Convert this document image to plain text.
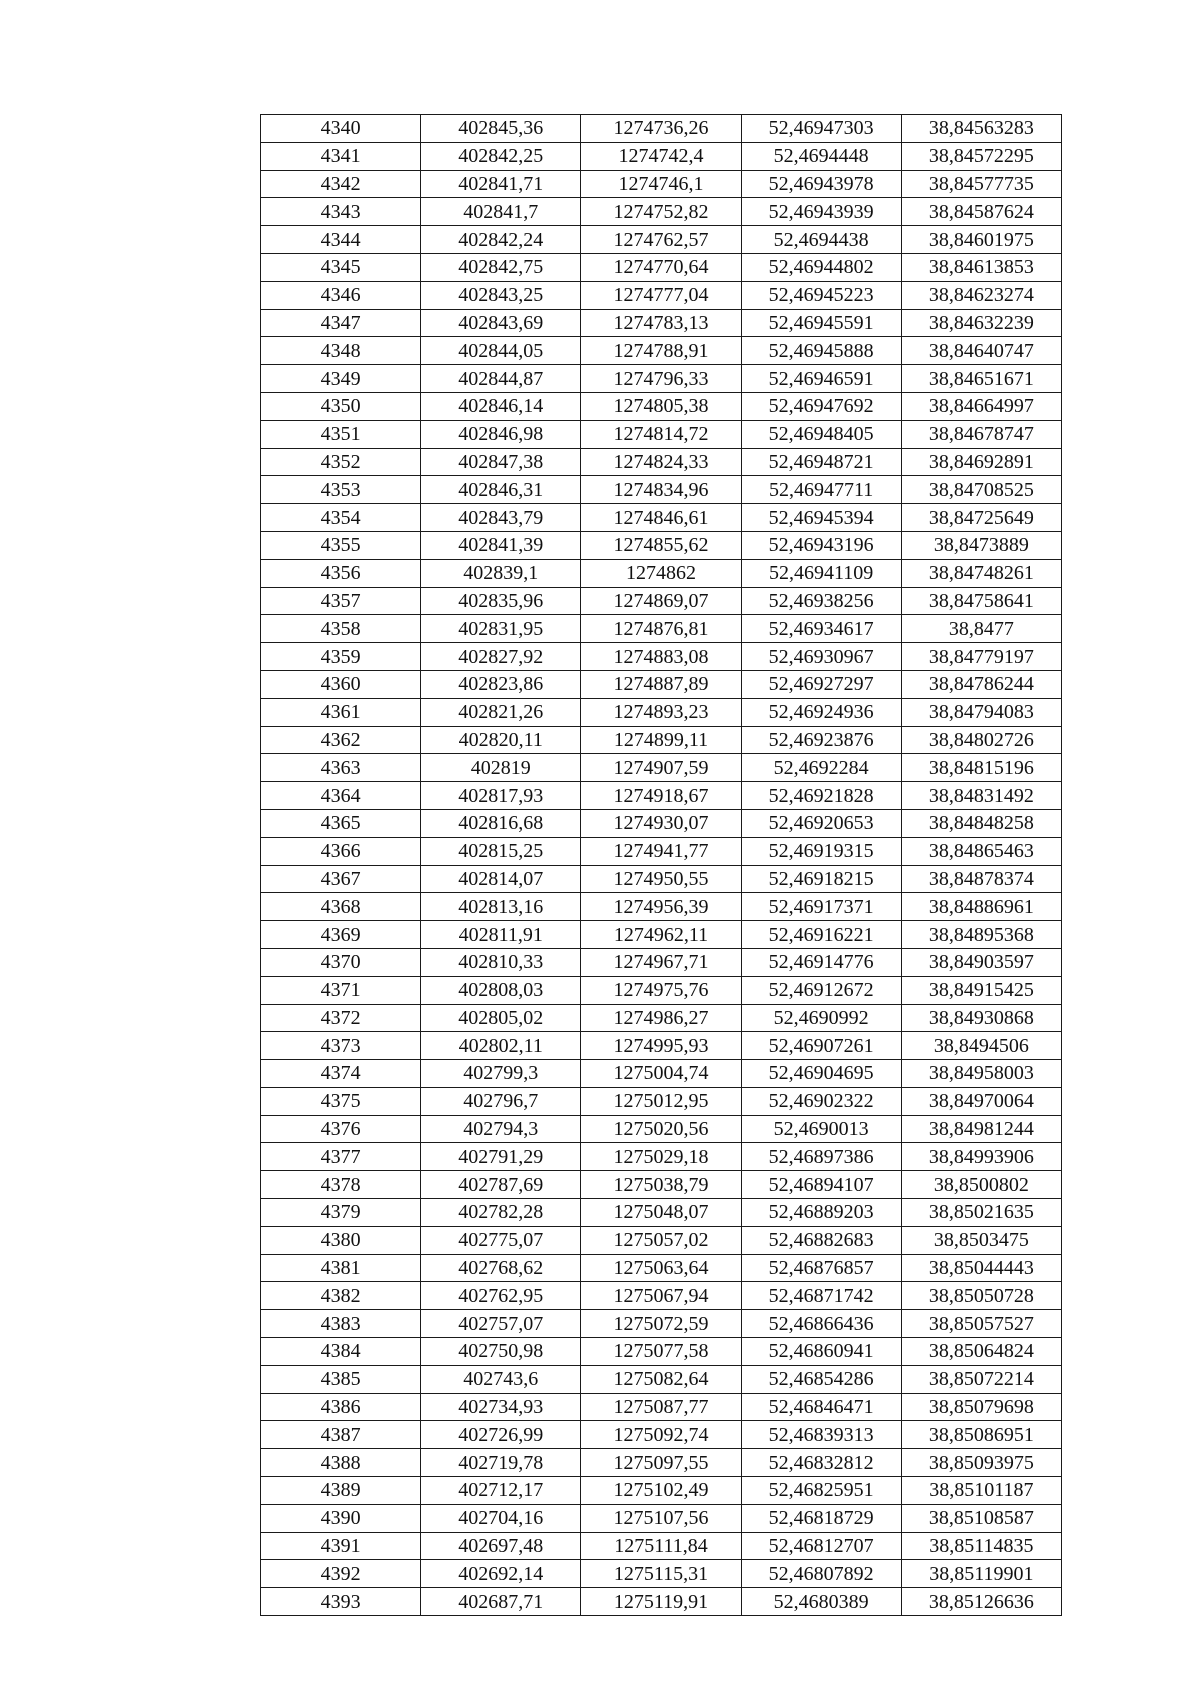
4340	402845,36	1274736,26	52,46947303	38,84563283
4341	402842,25	1274742,4	52,4694448	38,84572295
4342	402841,71	1274746,1	52,46943978	38,84577735
4343	402841,7	1274752,82	52,46943939	38,84587624
4344	402842,24	1274762,57	52,4694438	38,84601975
4345	402842,75	1274770,64	52,46944802	38,84613853
4346	402843,25	1274777,04	52,46945223	38,84623274
4347	402843,69	1274783,13	52,46945591	38,84632239
4348	402844,05	1274788,91	52,46945888	38,84640747
4349	402844,87	1274796,33	52,46946591	38,84651671
4350	402846,14	1274805,38	52,46947692	38,84664997
4351	402846,98	1274814,72	52,46948405	38,84678747
4352	402847,38	1274824,33	52,46948721	38,84692891
4353	402846,31	1274834,96	52,46947711	38,84708525
4354	402843,79	1274846,61	52,46945394	38,84725649
4355	402841,39	1274855,62	52,46943196	38,8473889
4356	402839,1	1274862	52,46941109	38,84748261
4357	402835,96	1274869,07	52,46938256	38,84758641
4358	402831,95	1274876,81	52,46934617	38,8477
4359	402827,92	1274883,08	52,46930967	38,84779197
4360	402823,86	1274887,89	52,46927297	38,84786244
4361	402821,26	1274893,23	52,46924936	38,84794083
4362	402820,11	1274899,11	52,46923876	38,84802726
4363	402819	1274907,59	52,4692284	38,84815196
4364	402817,93	1274918,67	52,46921828	38,84831492
4365	402816,68	1274930,07	52,46920653	38,84848258
4366	402815,25	1274941,77	52,46919315	38,84865463
4367	402814,07	1274950,55	52,46918215	38,84878374
4368	402813,16	1274956,39	52,46917371	38,84886961
4369	402811,91	1274962,11	52,46916221	38,84895368
4370	402810,33	1274967,71	52,46914776	38,84903597
4371	402808,03	1274975,76	52,46912672	38,84915425
4372	402805,02	1274986,27	52,4690992	38,84930868
4373	402802,11	1274995,93	52,46907261	38,8494506
4374	402799,3	1275004,74	52,46904695	38,84958003
4375	402796,7	1275012,95	52,46902322	38,84970064
4376	402794,3	1275020,56	52,4690013	38,84981244
4377	402791,29	1275029,18	52,46897386	38,84993906
4378	402787,69	1275038,79	52,46894107	38,8500802
4379	402782,28	1275048,07	52,46889203	38,85021635
4380	402775,07	1275057,02	52,46882683	38,8503475
4381	402768,62	1275063,64	52,46876857	38,85044443
4382	402762,95	1275067,94	52,46871742	38,85050728
4383	402757,07	1275072,59	52,46866436	38,85057527
4384	402750,98	1275077,58	52,46860941	38,85064824
4385	402743,6	1275082,64	52,46854286	38,85072214
4386	402734,93	1275087,77	52,46846471	38,85079698
4387	402726,99	1275092,74	52,46839313	38,85086951
4388	402719,78	1275097,55	52,46832812	38,85093975
4389	402712,17	1275102,49	52,46825951	38,85101187
4390	402704,16	1275107,56	52,46818729	38,85108587
4391	402697,48	1275111,84	52,46812707	38,85114835
4392	402692,14	1275115,31	52,46807892	38,85119901
4393	402687,71	1275119,91	52,4680389	38,85126636
